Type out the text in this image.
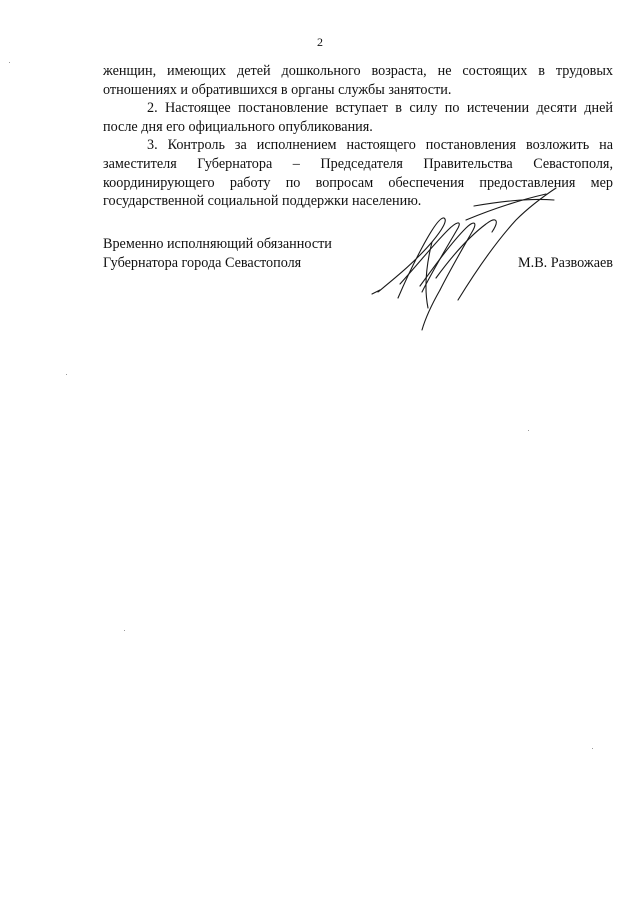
2

женщин, имеющих детей дошкольного возраста, не состоящих в трудовых отношениях и обратившихся в органы службы занятости.

2. Настоящее постановление вступает в силу по истечении десяти дней после дня его официального опубликования.

3. Контроль за исполнением настоящего постановления возложить на заместителя Губернатора – Председателя Правительства Севастополя, координирующего работу по вопросам обеспечения предоставления мер государственной социальной поддержки населению.

Временно исполняющий обязанности
Губернатора города Севастополя	М.В. Развожаев
